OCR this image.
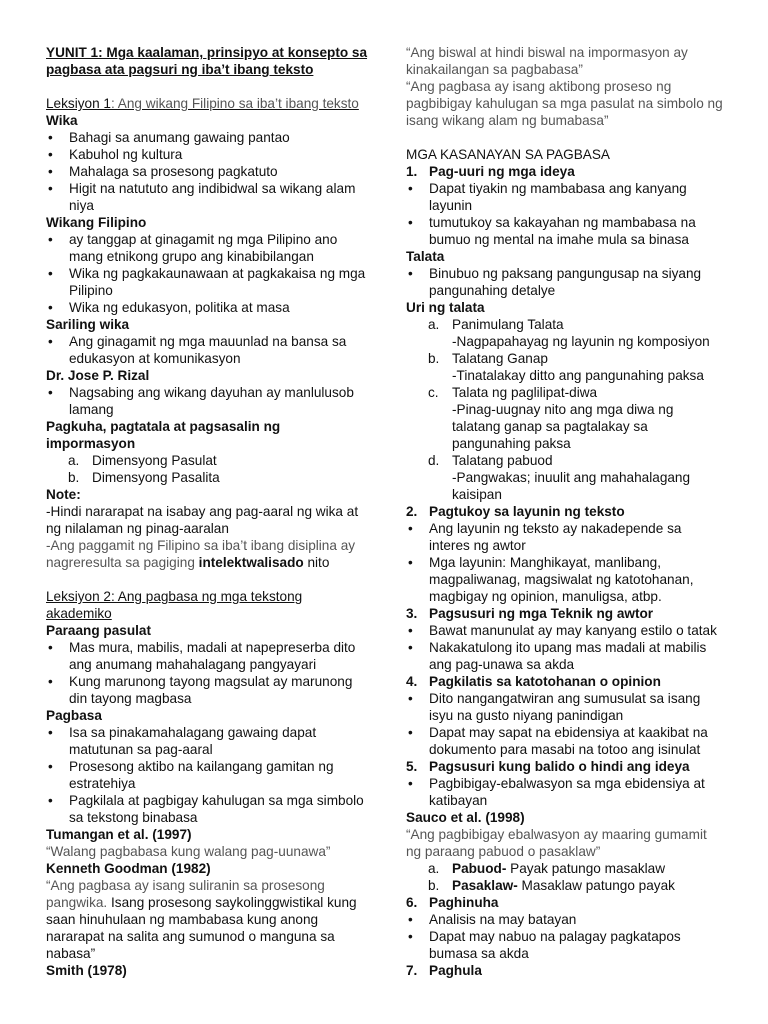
YUNIT 1: Mga kaalaman, prinsipyo at konsepto sa pagbasa ata pagsuri ng iba’t ibang teksto

Leksiyon 1: Ang wikang Filipino sa iba’t ibang teksto

Wika

• Bahagi sa anumang gawaing pantao
• Kabuhol ng kultura
• Mahalaga sa prosesong pagkatuto
• Higit na natututo ang indibidwal sa wikang alam niya

Wikang Filipino

• ay tanggap at ginagamit ng mga Pilipino ano mang etnikong grupo ang kinabibilangan
• Wika ng pagkakaunawaan at pagkakaisa ng mga Pilipino
• Wika ng edukasyon, politika at masa

Sariling wika

• Ang ginagamit ng mga mauunlad na bansa sa edukasyon at komunikasyon

Dr. Jose P. Rizal

• Nagsabing ang wikang dayuhan ay manlulusob lamang

Pagkuha, pagtatala at pagsasalin ng impormasyon

a. Dimensyong Pasulat
b. Dimensyong Pasalita

Note:

-Hindi nararapat na isabay ang pag-aaral ng wika at ng nilalaman ng pinag-aaralan

-Ang paggamit ng Filipino sa iba’t ibang disiplina ay nagreresulta sa pagiging intelektwalisado nito

Leksiyon 2: Ang pagbasa ng mga tekstong akademiko

Paraang pasulat

• Mas mura, mabilis, madali at napepreserba dito ang anumang mahahalagang pangyayari
• Kung marunong tayong magsulat ay marunong din tayong magbasa

Pagbasa

• Isa sa pinakamahalagang gawaing dapat matutunan sa pag-aaral
• Prosesong aktibo na kailangang gamitan ng estratehiya
• Pagkilala at pagbigay kahulugan sa mga simbolo sa tekstong binabasa

Tumangan et al. (1997)

“Walang pagbabasa kung walang pag-uunawa”

Kenneth Goodman (1982)

“Ang pagbasa ay isang suliranin sa prosesong pangwika. Isang prosesong saykolinggwistikal kung saan hinuhulaan ng mambabasa kung anong nararapat na salita ang sumunod o manguna sa nabasa”

Smith (1978)

“Ang biswal at hindi biswal na impormasyon ay kinakailangan sa pagbabasa”

“Ang pagbasa ay isang aktibong proseso ng pagbibigay kahulugan sa mga pasulat na simbolo ng isang wikang alam ng bumabasa”

MGA KASANAYAN SA PAGBASA

1. Pag-uuri ng mga ideya

• Dapat tiyakin ng mambabasa ang kanyang layunin
• tumutukoy sa kakayahan ng mambabasa na bumuo ng mental na imahe mula sa binasa

Talata

• Binubuo ng paksang pangungusap na siyang pangunahing detalye

Uri ng talata

a. Panimulang Talata
-Nagpapahayag ng layunin ng komposiyon
b. Talatang Ganap
-Tinatalakay ditto ang pangunahing paksa
c. Talata ng paglilipat-diwa
-Pinag-uugnay nito ang mga diwa ng talatang ganap sa pagtalakay sa pangunahing paksa
d. Talatang pabuod
-Pangwakas; inuulit ang mahahalagang kaisipan

2. Pagtukoy sa layunin ng teksto

• Ang layunin ng teksto ay nakadepende sa interes ng awtor
• Mga layunin: Manghikayat, manlibang, magpaliwanag, magsiwalat ng katotohanan, magbigay ng opinion, manuligsa, atbp.

3. Pagsusuri ng mga Teknik ng awtor

• Bawat manunulat ay may kanyang estilo o tatak
• Nakakatulong ito upang mas madali at mabilis ang pag-unawa sa akda

4. Pagkilatis sa katotohanan o opinion

• Dito nangangatwiran ang sumusulat sa isang isyu na gusto niyang panindigan
• Dapat may sapat na ebidensiya at kaakibat na dokumento para masabi na totoo ang isinulat

5. Pagsusuri kung balido o hindi ang ideya

• Pagbibigay-ebalwasyon sa mga ebidensiya at katibayan

Sauco et al. (1998)

“Ang pagbibigay ebalwasyon ay maaring gumamit ng paraang pabuod o pasaklaw”

a. Pabuod- Payak patungo masaklaw
b. Pasaklaw- Masaklaw patungo payak

6. Paghinuha

• Analisis na may batayan
• Dapat may nabuo na palagay pagkatapos bumasa sa akda

7. Paghula
